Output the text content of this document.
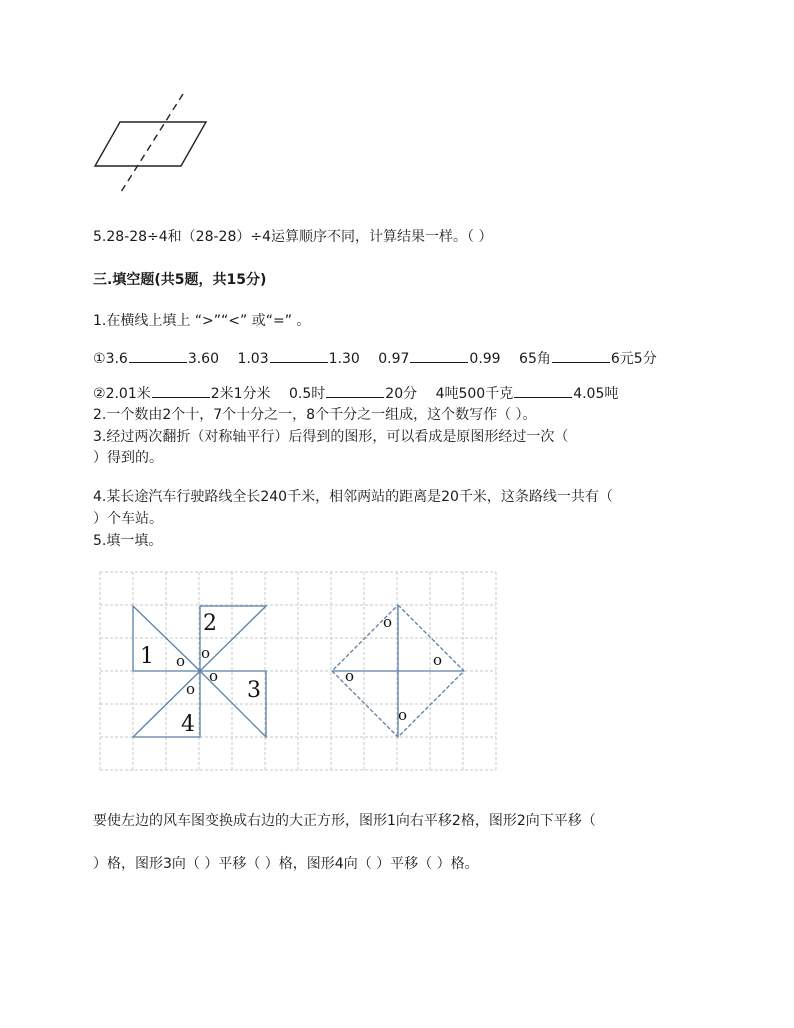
5.28-28÷4和（28-28）÷4运算顺序不同，计算结果一样。（ ）
三.填空题(共5题，共15分)
1.在横线上填上 “>”“<” 或“=” 。
①3.6	3.60 1.03	1.30 0.97	0.99 65角	6元5分
②2.01米	2米1分米 0.5时	20分 4吨500千克	4.05吨
2.一个数由2个十，7个十分之一，8个千分之一组成，这个数写作（ ）。
3.经过两次翻折（对称轴平行）后得到的图形，可以看成是原图形经过一次（
）得到的。
4.某长途汽车行驶路线全长240千米，相邻两站的距离是20千米，这条路线一共有（
）个车站。
5.填一填。
1
2
3
4
o o
o
o
o
o
o
o
要使左边的风车图变换成右边的大正方形，图形1向右平移2格，图形2向下平移（
）格，图形3向（ ）平移（ ）格，图形4向（ ）平移（ ）格。
